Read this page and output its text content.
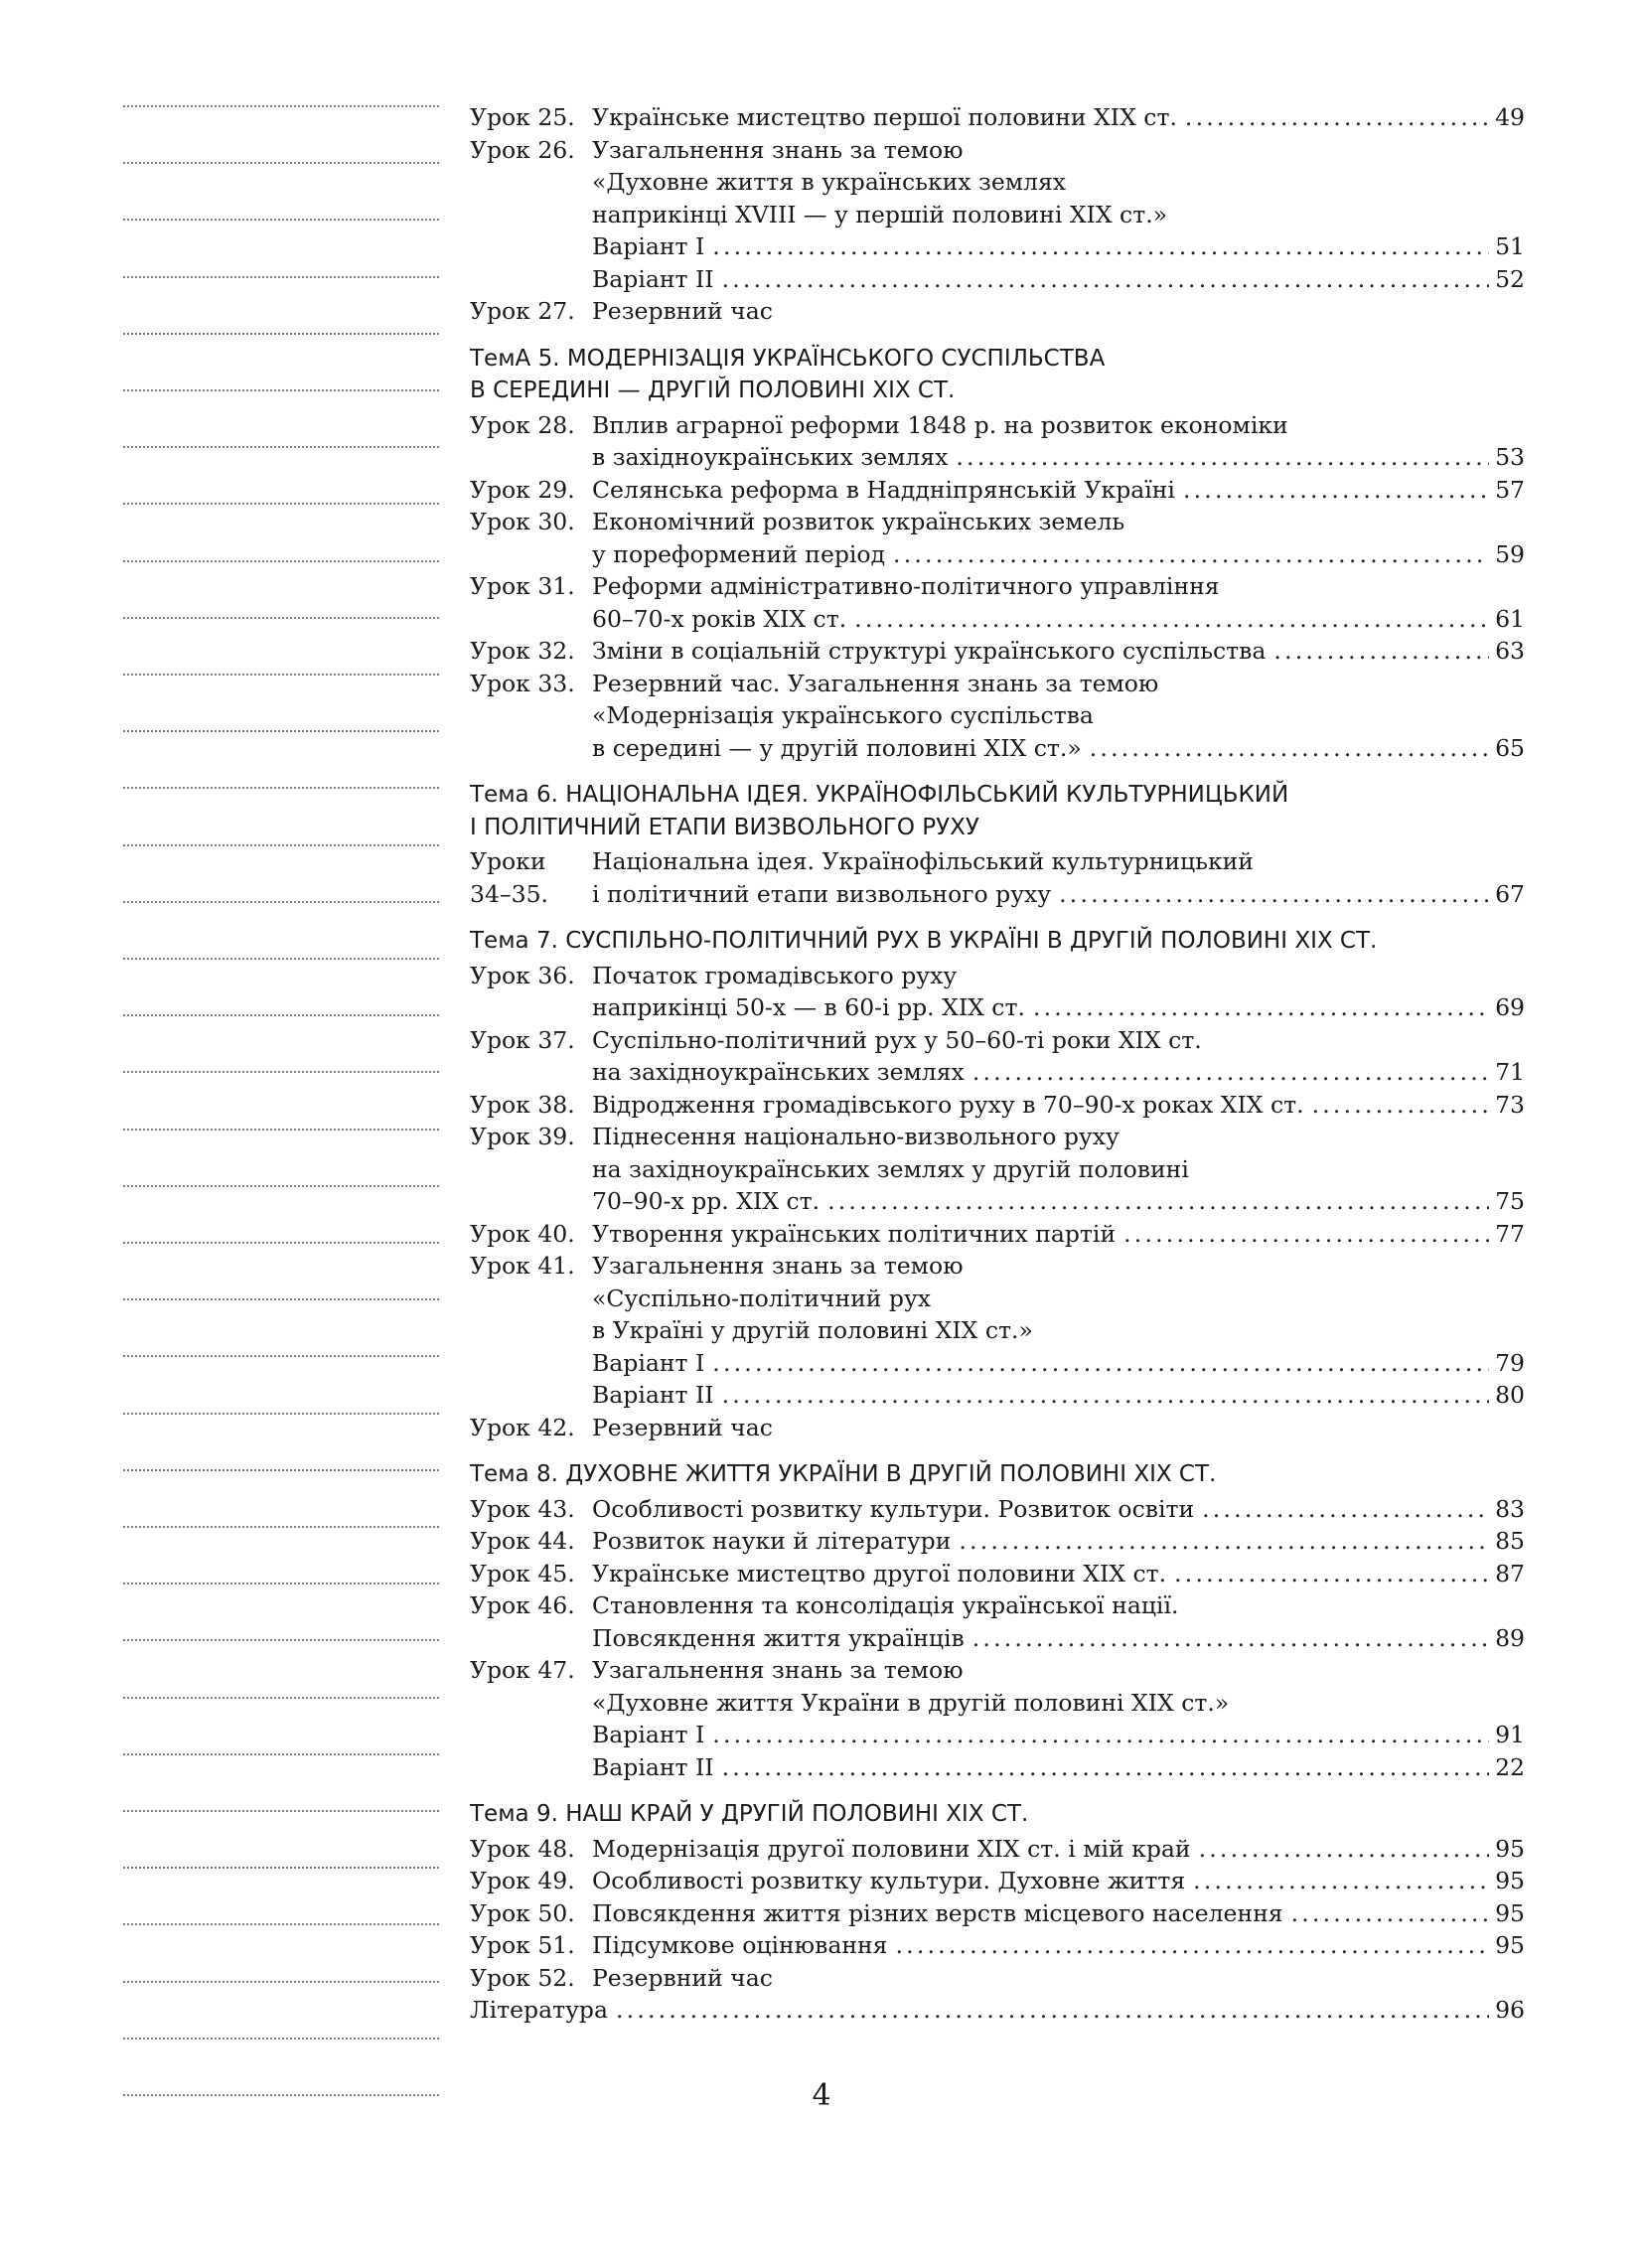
Урок 25. Українське мистецтво першої половини ХІХ ст. .....	49
Урок 26. Узагальнення знань за темою
«Духовне життя в українських землях
наприкінці XVIII — у першій половині ХІХ ст.»
Варіант І .....	51
Варіант ІІ .....	52
Урок 27. Резервний час
ТемА 5. МОДЕРНІЗАЦІЯ УКРАЇНСЬКОГО СУСПІЛЬСТВА
В СЕРЕДИНІ — ДРУГІЙ ПОЛОВИНІ ХІХ СТ.
Урок 28. Вплив аграрної реформи 1848 р. на розвиток економіки
в західноукраїнських землях .....	53
Урок 29. Селянська реформа в Наддніпрянській Україні .....	57
Урок 30. Економічний розвиток українських земель
у пореформений період .....	59
Урок 31. Реформи адміністративно-політичного управління
60–70-х років ХІХ ст. .....	61
Урок 32. Зміни в соціальній структурі українського суспільства .....	63
Урок 33. Резервний час. Узагальнення знань за темою
«Модернізація українського суспільства
в середині — у другій половині ХІХ ст.» .....	65
Тема 6. НАЦІОНАЛЬНА ІДЕЯ. УКРАЇНОФІЛЬСЬКИЙ КУЛЬТУРНИЦЬКИЙ
І ПОЛІТИЧНИЙ ЕТАПИ ВИЗВОЛЬНОГО РУХУ
Уроки	Національна ідея. Українофільський культурницький
34–35.	і політичний етапи визвольного руху .....	67
Тема 7. СУСПІЛЬНО-ПОЛІТИЧНИЙ РУХ В УКРАЇНІ В ДРУГІЙ ПОЛОВИНІ ХІХ СТ.
Урок 36. Початок громадівського руху
наприкінці 50-х — в 60-і рр. ХІХ ст. .....	69
Урок 37. Суспільно-політичний рух у 50–60-ті роки ХІХ ст.
на західноукраїнських землях .....	71
Урок 38. Відродження громадівського руху в 70–90-х роках ХІХ ст. .....	73
Урок 39. Піднесення національно-визвольного руху
на західноукраїнських землях у другій половині
70–90-х рр. ХІХ ст. .....	75
Урок 40. Утворення українських політичних партій .....	77
Урок 41. Узагальнення знань за темою
«Суспільно-політичний рух
в Україні у другій половині ХІХ ст.»
Варіант І .....	79
Варіант ІІ .....	80
Урок 42. Резервний час
Тема 8. ДУХОВНЕ ЖИТТЯ УКРАЇНИ В ДРУГІЙ ПОЛОВИНІ ХІХ СТ.
Урок 43. Особливості розвитку культури. Розвиток освіти .....	83
Урок 44. Розвиток науки й літератури .....	85
Урок 45. Українське мистецтво другої половини ХІХ ст. .....	87
Урок 46. Становлення та консолідація української нації.
Повсякдення життя українців .....	89
Урок 47. Узагальнення знань за темою
«Духовне життя України в другій половині ХІХ ст.»
Варіант І .....	91
Варіант ІІ .....	22
Тема 9. НАШ КРАЙ У ДРУГІЙ ПОЛОВИНІ ХІХ СТ.
Урок 48. Модернізація другої половини ХІХ ст. і мій край .....	95
Урок 49. Особливості розвитку культури. Духовне життя .....	95
Урок 50. Повсякдення життя різних верств місцевого населення .....	95
Урок 51. Підсумкове оцінювання .....	95
Урок 52. Резервний час
Література .....	96
4
